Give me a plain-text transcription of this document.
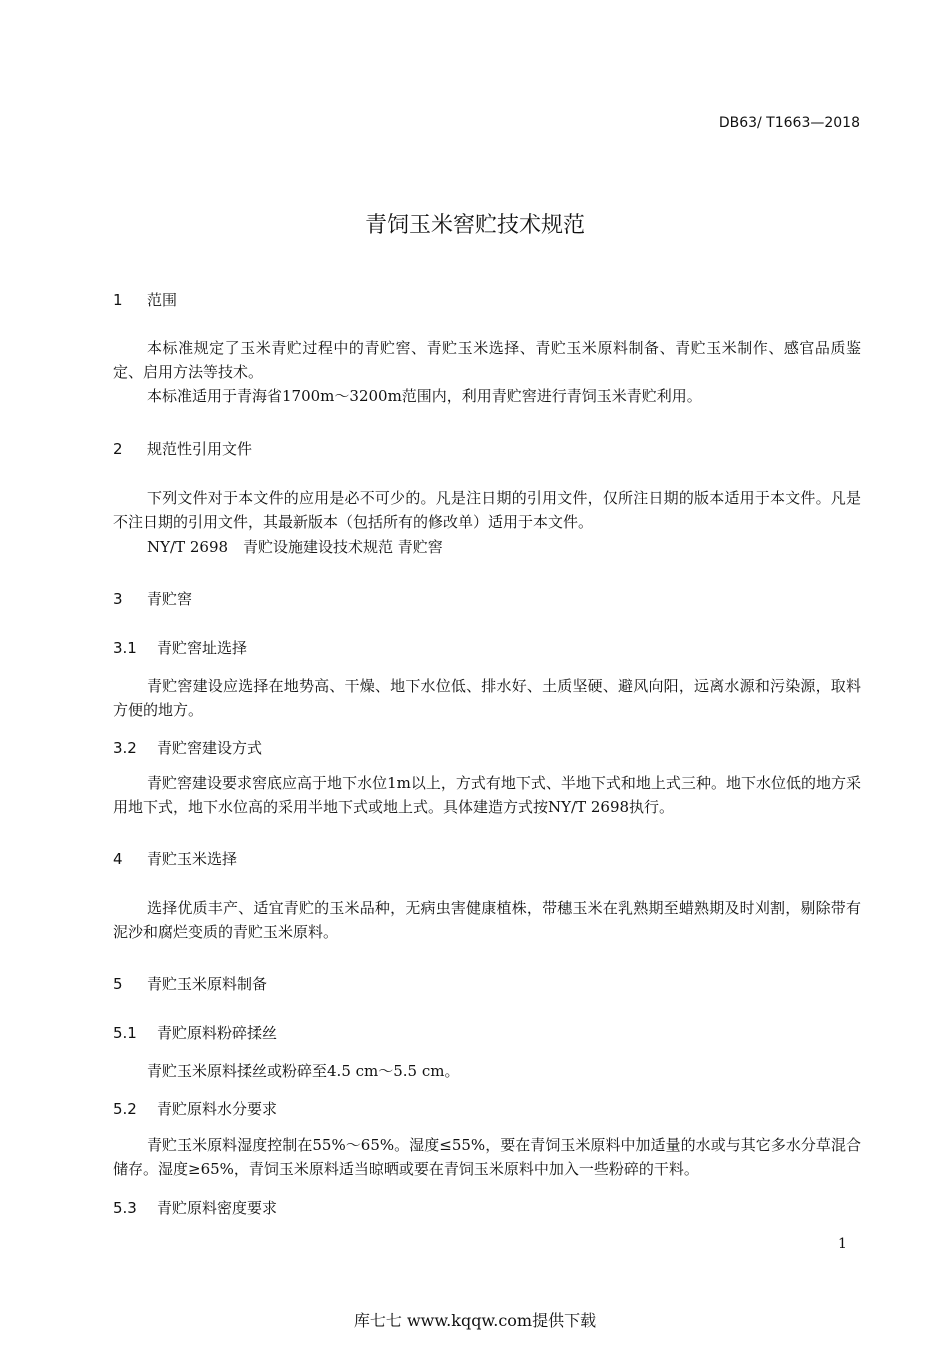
DB63/ T1663—2018
青饲玉米窖贮技术规范
1 范围
本标准规定了玉米青贮过程中的青贮窖、青贮玉米选择、青贮玉米原料制备、青贮玉米制作、感官品质鉴定、启用方法等技术。
本标准适用于青海省1700m～3200m范围内，利用青贮窖进行青饲玉米青贮利用。
2 规范性引用文件
下列文件对于本文件的应用是必不可少的。凡是注日期的引用文件，仅所注日期的版本适用于本文件。凡是不注日期的引用文件，其最新版本（包括所有的修改单）适用于本文件。
NY/T 2698　青贮设施建设技术规范 青贮窖
3 青贮窖
3.1 青贮窖址选择
青贮窖建设应选择在地势高、干燥、地下水位低、排水好、土质坚硬、避风向阳，远离水源和污染源，取料方便的地方。
3.2 青贮窖建设方式
青贮窖建设要求窖底应高于地下水位1m以上，方式有地下式、半地下式和地上式三种。地下水位低的地方采用地下式，地下水位高的采用半地下式或地上式。具体建造方式按NY/T 2698执行。
4 青贮玉米选择
选择优质丰产、适宜青贮的玉米品种，无病虫害健康植株，带穗玉米在乳熟期至蜡熟期及时刈割，剔除带有泥沙和腐烂变质的青贮玉米原料。
5 青贮玉米原料制备
5.1 青贮原料粉碎揉丝
青贮玉米原料揉丝或粉碎至4.5 cm～5.5 cm。
5.2 青贮原料水分要求
青贮玉米原料湿度控制在55%～65%。湿度≤55%，要在青饲玉米原料中加适量的水或与其它多水分草混合储存。湿度≥65%，青饲玉米原料适当晾晒或要在青饲玉米原料中加入一些粉碎的干料。
5.3 青贮原料密度要求
1
库七七 www.kqqw.com提供下载
